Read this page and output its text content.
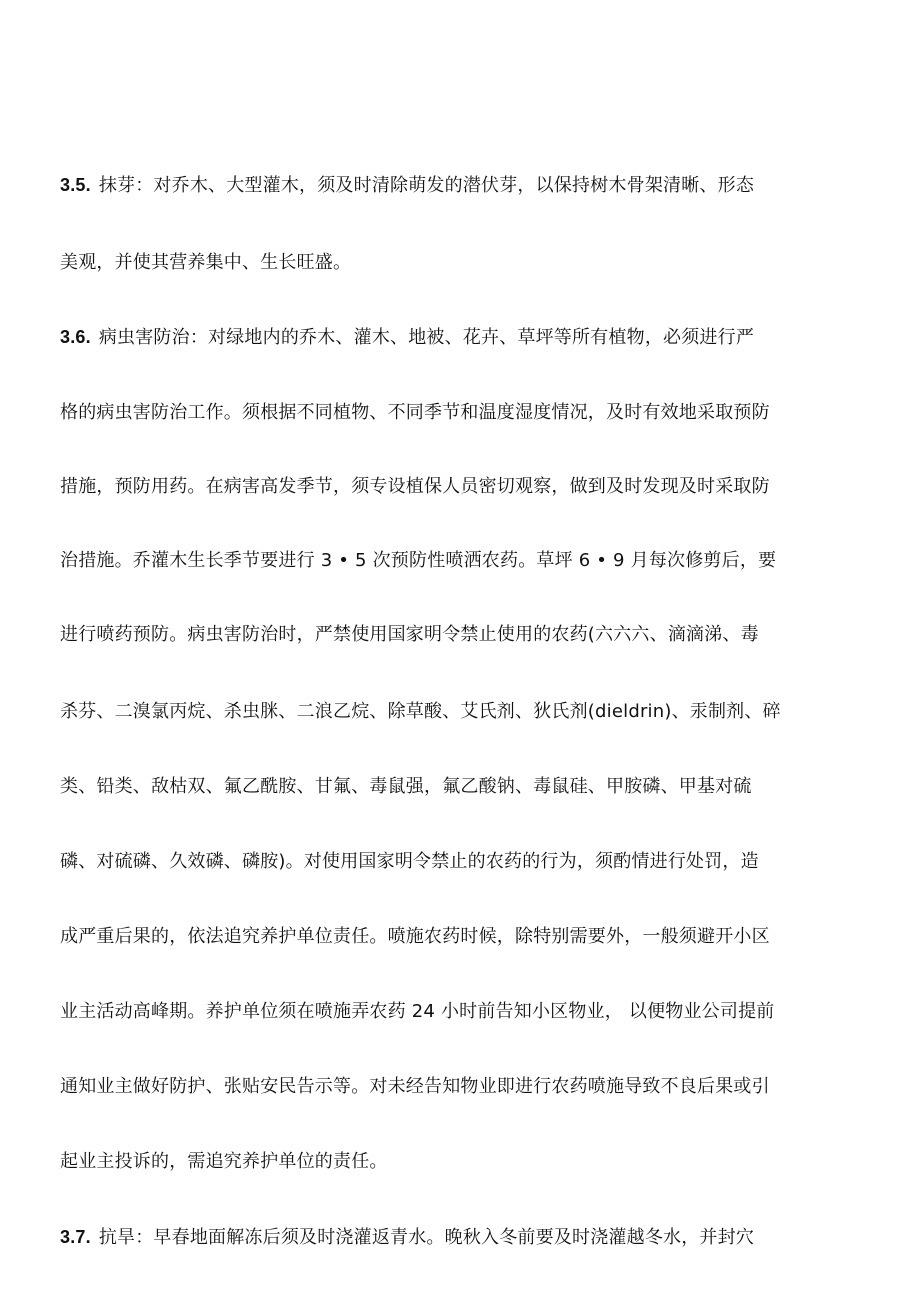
3.5. 抹芽：对乔木、大型灌木，须及时清除萌发的潜伏芽，以保持树木骨架清晰、形态
美观，并使其营养集中、生长旺盛。
3.6. 病虫害防治：对绿地内的乔木、灌木、地被、花卉、草坪等所有植物，必须进行严
格的病虫害防治工作。须根据不同植物、不同季节和温度湿度情况，及时有效地采取预防
措施，预防用药。在病害高发季节，须专设植保人员密切观察，做到及时发现及时采取防
治措施。乔灌木生长季节要进行 3 • 5 次预防性喷洒农药。草坪 6 • 9 月每次修剪后，要
进行喷药预防。病虫害防治时，严禁使用国家明令禁止使用的农药(六六六、滴滴涕、毒
杀芬、二溴氯丙烷、杀虫脒、二浪乙烷、除草酸、艾氏剂、狄氏剂(dieldrin)、汞制剂、碎
类、铅类、敌枯双、氟乙酰胺、甘氟、毒鼠强，氟乙酸钠、毒鼠硅、甲胺磷、甲基对硫
磷、对硫磷、久效磷、磷胺)。对使用国家明令禁止的农药的行为，须酌情进行处罚，造
成严重后果的，依法追究养护单位责任。喷施农药时候，除特别需要外，一般须避开小区
业主活动高峰期。养护单位须在喷施弄农药 24 小时前告知小区物业， 以便物业公司提前
通知业主做好防护、张贴安民告示等。对未经告知物业即进行农药喷施导致不良后果或引
起业主投诉的，需追究养护单位的责任。
3.7. 抗旱：早春地面解冻后须及时浇灌返青水。晚秋入冬前要及时浇灌越冬水，并封穴
